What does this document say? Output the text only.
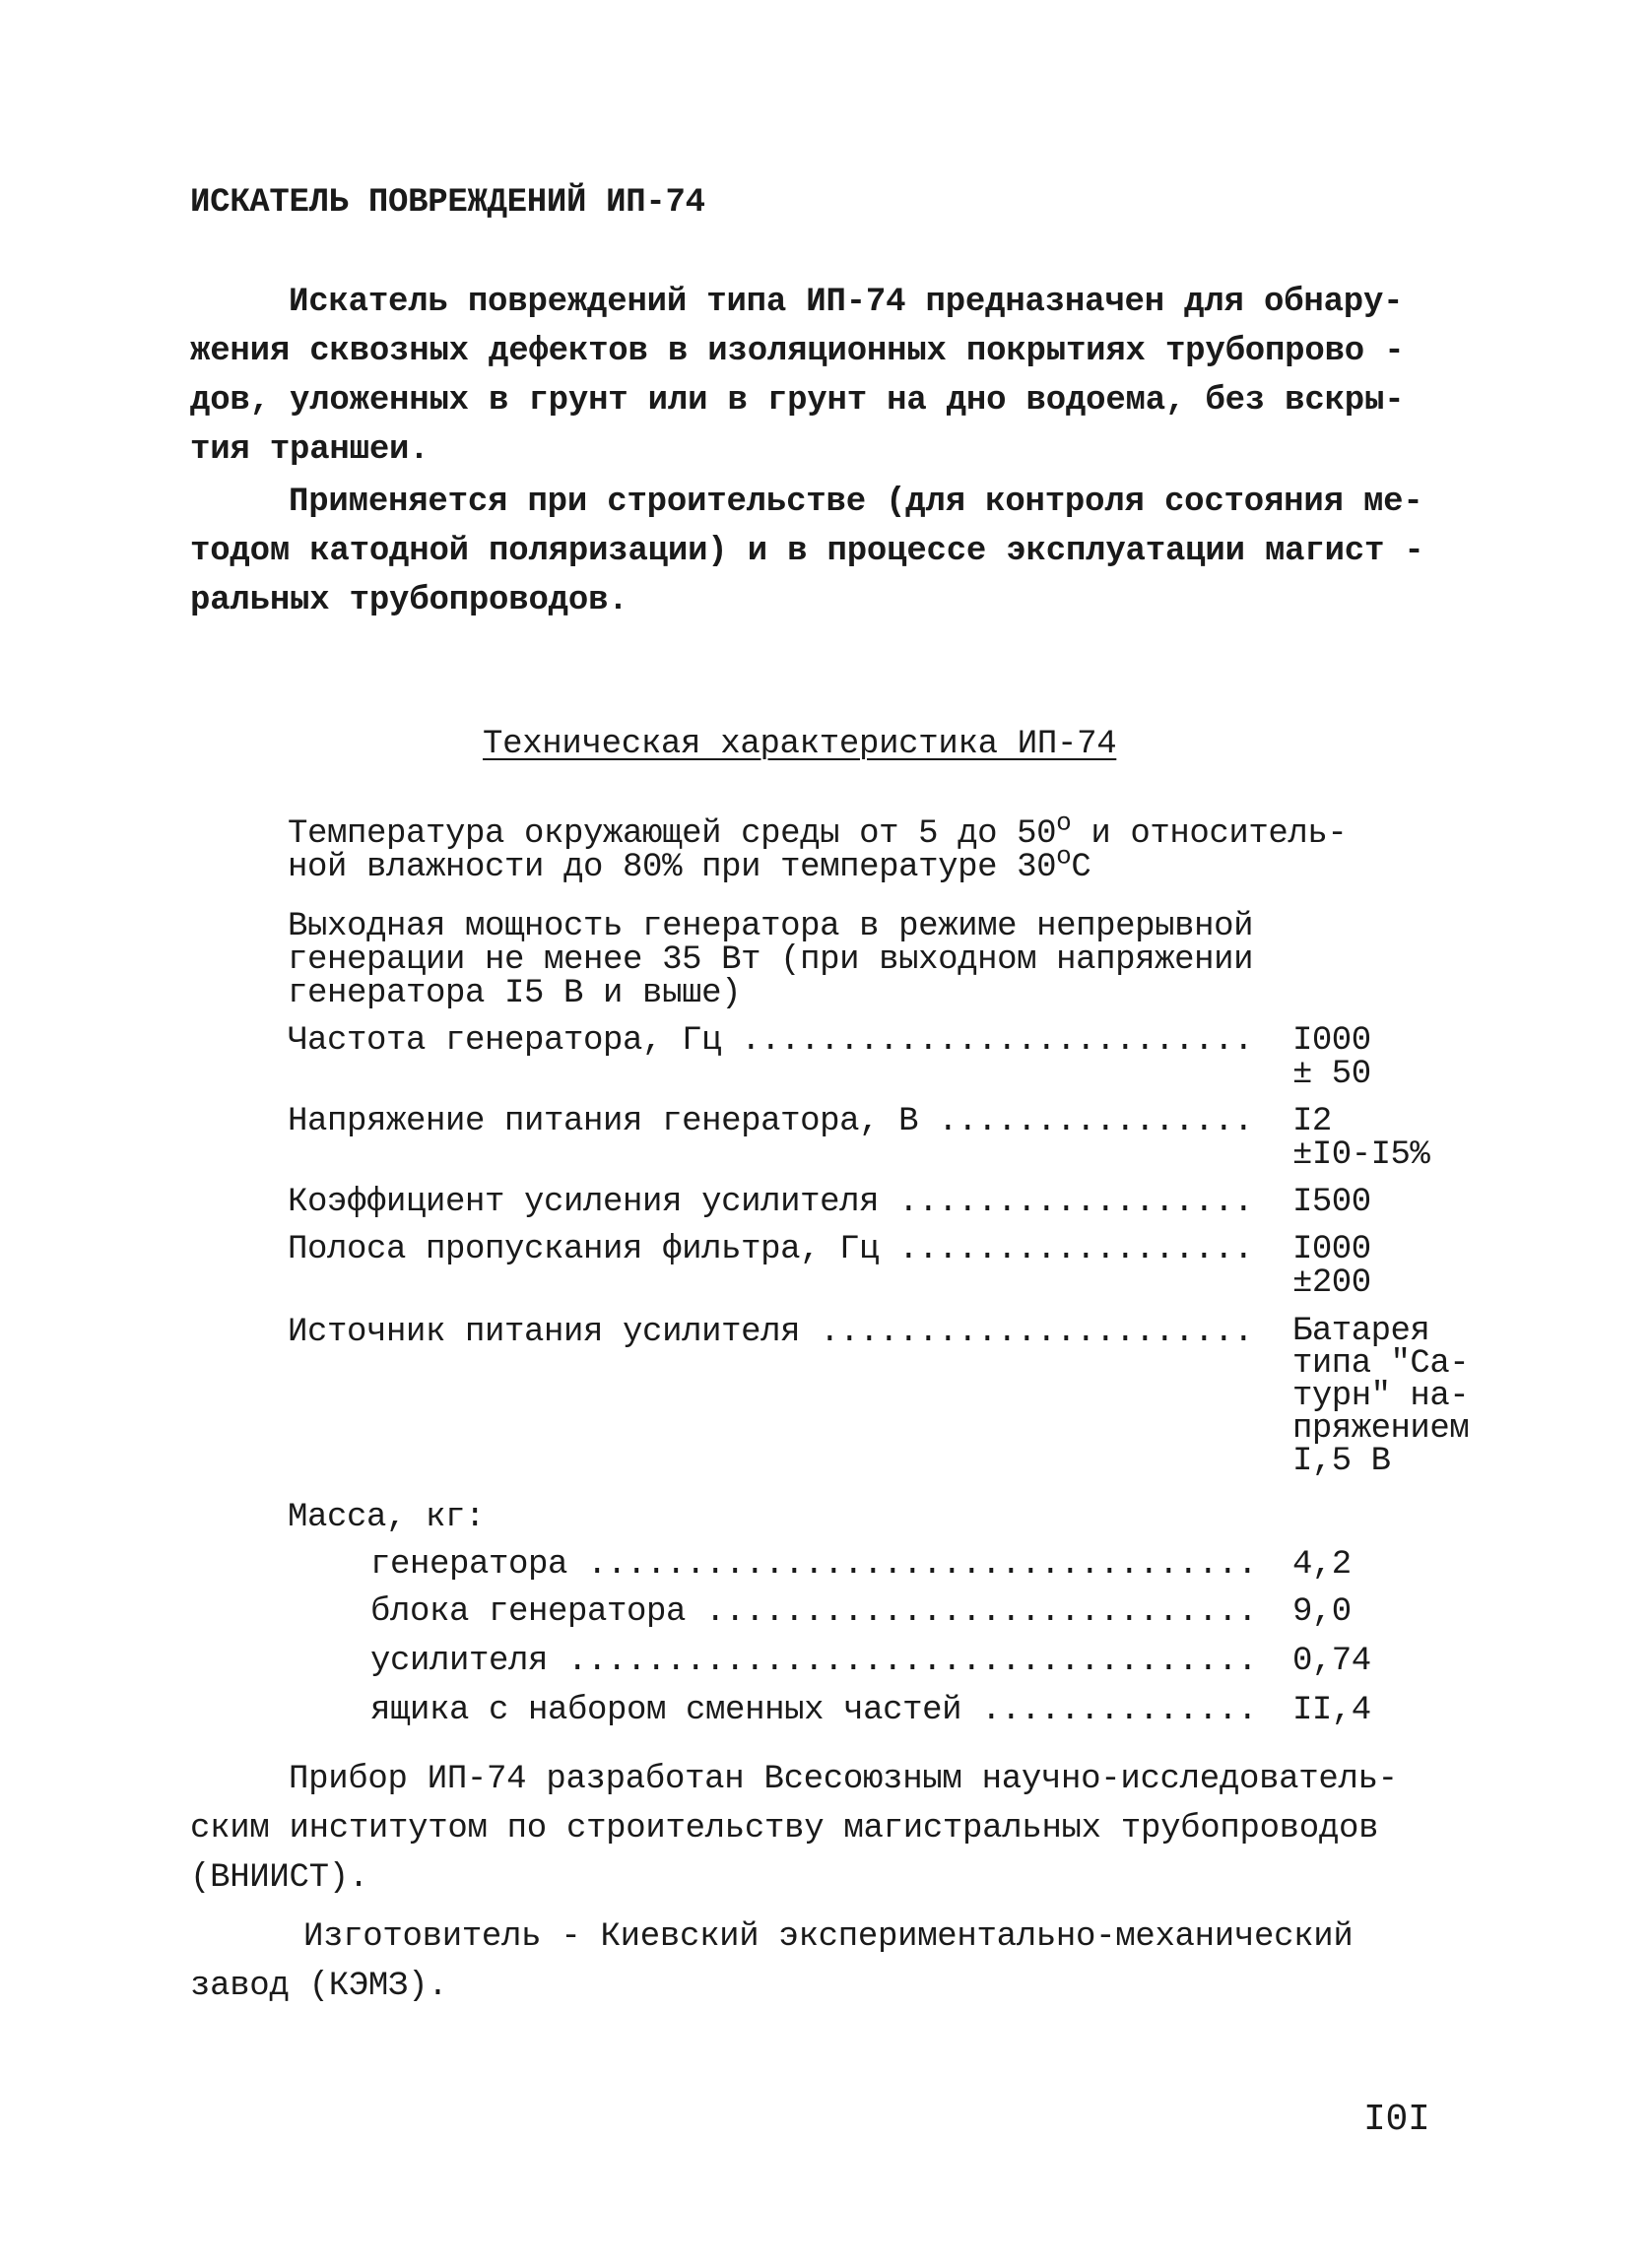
ИСКАТЕЛЬ ПОВРЕЖДЕНИЙ ИП-74
Искатель повреждений типа ИП-74 предназначен для обнару-
жения сквозных дефектов в изоляционных покрытиях трубопрово -
дов, уложенных в грунт или в грунт на дно водоема, без вскры-
тия траншеи.
Применяется при строительстве (для контроля состояния ме-
тодом катодной поляризации) и в процессе эксплуатации магист -
ральных трубопроводов.
Техническая характеристика ИП-74
Температура окружающей среды от 5 до $50^о$ и относитель-
ной влажности до 80% при температуре $30^оС$
Выходная мощность генератора в режиме непрерывной
генерации не менее 35 Вт (при выходном напряжении
генератора I5 В и выше)
Частота генератора, Гц .......................... I000
± 50
Напряжение питания генератора, В ................ I2
±I0-I5%
Коэффициент усиления усилителя .................. I500
Полоса пропускания фильтра, Гц .................. I000
±200
Источник питания усилителя ...................... Батарея
типа "Са-
турн" на-
пряжением
I,5 В
Масса, кг:
генератора .................................. 4,2
блока генератора ............................ 9,0
усилителя ................................... 0,74
ящика с набором сменных частей .............. II,4
Прибор ИП-74 разработан Всесоюзным научно-исследователь-
ским институтом по строительству магистральных трубопроводов
(ВНИИСТ).
Изготовитель - Киевский экспериментально-механический
завод (КЭМЗ).
I0I
